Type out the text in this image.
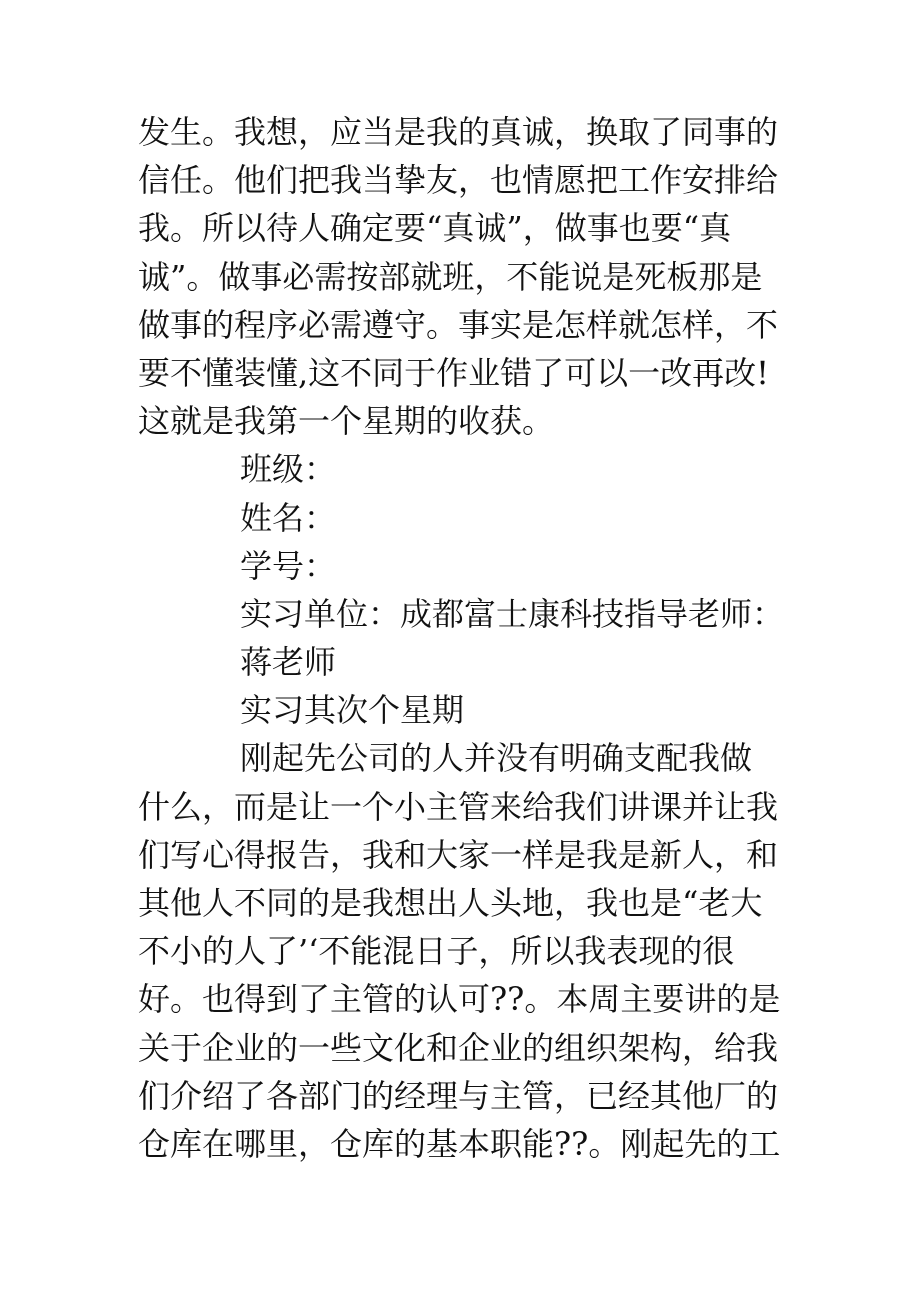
发生。我想，应当是我的真诚，换取了同事的
信任。他们把我当挚友，也情愿把工作安排给
我。所以待人确定要“真诚”，做事也要“真
诚”。做事必需按部就班，不能说是死板那是
做事的程序必需遵守。事实是怎样就怎样，不
要不懂装懂,这不同于作业错了可以一改再改!
这就是我第一个星期的收获。
班级：
姓名：
学号：
实习单位：成都富士康科技指导老师：
蒋老师
实习其次个星期
刚起先公司的人并没有明确支配我做
什么，而是让一个小主管来给我们讲课并让我
们写心得报告，我和大家一样是我是新人，和
其他人不同的是我想出人头地，我也是“老大
不小的人了’‘不能混日子，所以我表现的很
好。也得到了主管的认可??。本周主要讲的是
关于企业的一些文化和企业的组织架构，给我
们介绍了各部门的经理与主管，已经其他厂的
仓库在哪里，仓库的基本职能??。刚起先的工
